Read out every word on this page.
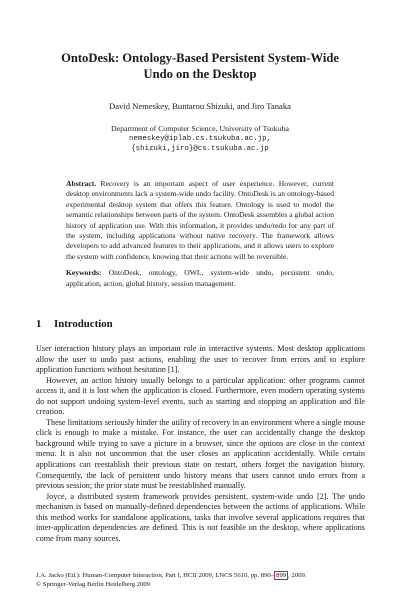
OntoDesk: Ontology-Based Persistent System-Wide
Undo on the Desktop
David Nemeskey, Buntarou Shizuki, and Jiro Tanaka
Department of Computer Science, University of Tsukuba
nemeskey@iplab.cs.tsukuba.ac.jp,
{shizuki,jiro}@cs.tsukuba.ac.jp

Abstract. Recovery is an important aspect of user experience. However, current desktop environments lack a system-wide undo facility. OntoDesk is an ontology-based experimental desktop system that offers this feature. Ontology is used to model the semantic relationships between parts of the system. OntoDesk assembles a global action history of application use. With this information, it provides undo/redo for any part of the system, including applications without native recovery. The framework allows developers to add advanced features to their applications, and it allows users to explore the system with confidence, knowing that their actions will be reversible.

Keywords: OntoDesk, ontology, OWL, system-wide undo, persistent undo, application, action, global history, session management.

1 Introduction

User interaction history plays an important role in interactive systems. Most desktop applications allow the user to undo past actions, enabling the user to recover from errors and to explore application functions without hesitation [1].

However, an action history usually belongs to a particular application: other programs cannot access it, and it is lost when the application is closed. Furthermore, even modern operating systems do not support undoing system-level events, such as starting and stopping an application and file creation.

These limitations seriously hinder the utility of recovery in an environment where a single mouse click is enough to make a mistake. For instance, the user can accidentally change the desktop background while trying to save a picture in a browser, since the options are close in the context menu. It is also not uncommon that the user closes an application accidentally. While certain applications can reestablish their previous state on restart, others forget the navigation history. Consequently, the lack of persistent undo history means that users cannot undo errors from a previous session; the prior state must be reestablished manually.

Joyce, a distributed system framework provides persistent, system-wide undo [2]. The undo mechanism is based on manually-defined dependencies between the actions of applications. While this method works for standalone applications, tasks that involve several applications requires that inter-application dependencies are defined. This is not feasible on the desktop, where applications come from many sources.

J.A. Jacko (Ed.): Human-Computer Interaction, Part I, HCII 2009, LNCS 5610, pp. 890– 899 , 2009.
© Springer-Verlag Berlin Heidelberg 2009
